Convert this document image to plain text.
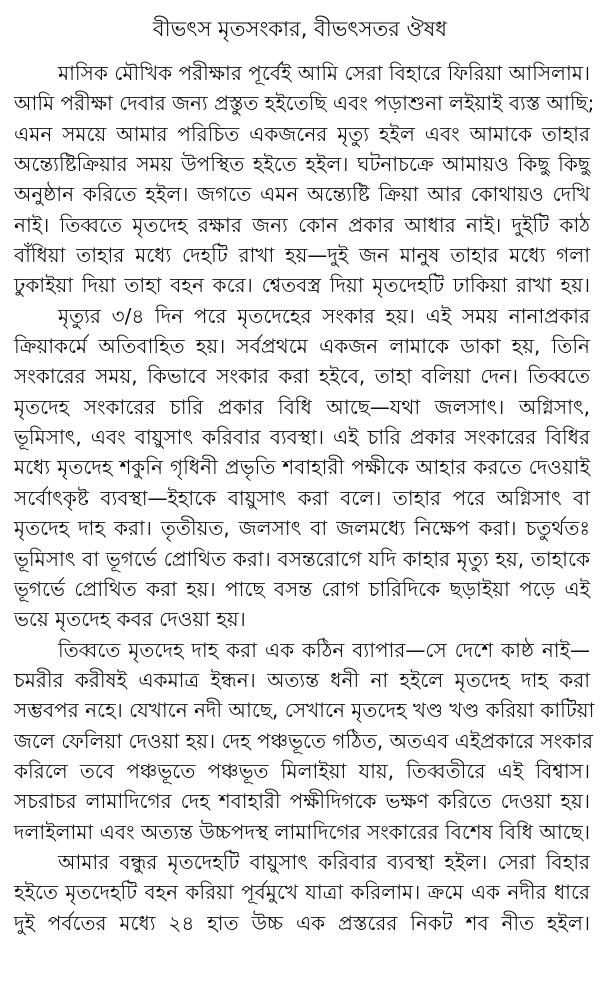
বীভৎস মৃতসংকার, বীভৎসতর ঔষধ
মাসিক মৌখিক পরীক্ষার পূর্বেই আমি সেরা বিহারে ফিরিয়া আসিলাম।
আমি পরীক্ষা দেবার জন্য প্রস্তুত হইতেছি এবং পড়াশুনা লইয়াই ব্যস্ত আছি;
এমন সময়ে আমার পরিচিত একজনের মৃত্যু হইল এবং আমাকে তাহার
অন্ত্যেষ্টিক্রিয়ার সময় উপস্থিত হইতে হইল। ঘটনাচক্রে আমায়ও কিছু কিছু
অনুষ্ঠান করিতে হইল। জগতে এমন অন্ত্যেষ্টি ক্রিয়া আর কোথায়ও দেখি
নাই। তিব্বতে মৃতদেহ রক্ষার জন্য কোন প্রকার আধার নাই। দুইটি কাঠ
বাঁধিয়া তাহার মধ্যে দেহটি রাখা হয়—দুই জন মানুষ তাহার মধ্যে গলা
ঢুকাইয়া দিয়া তাহা বহন করে। শ্বেতবস্ত্র দিয়া মৃতদেহটি ঢাকিয়া রাখা হয়।
মৃত্যুর ৩/৪ দিন পরে মৃতদেহের সংকার হয়। এই সময় নানাপ্রকার
ক্রিয়াকর্মে অতিবাহিত হয়। সর্বপ্রথমে একজন লামাকে ডাকা হয়, তিনি
সংকারের সময়, কিভাবে সংকার করা হইবে, তাহা বলিয়া দেন। তিব্বতে
মৃতদেহ সংকারের চারি প্রকার বিধি আছে—যথা জলসাৎ। অগ্নিসাৎ,
ভূমিসাৎ, এবং বায়ুসাৎ করিবার ব্যবস্থা। এই চারি প্রকার সংকারের বিধির
মধ্যে মৃতদেহ শকুনি গৃধিনী প্রভৃতি শবাহারী পক্ষীকে আহার করতে দেওয়াই
সর্বোৎকৃষ্ট ব্যবস্থা—ইহাকে বায়ুসাৎ করা বলে। তাহার পরে অগ্নিসাৎ বা
মৃতদেহ দাহ করা। তৃতীয়ত, জলসাৎ বা জলমধ্যে নিক্ষেপ করা। চতুর্থতঃ
ভূমিসাৎ বা ভূগর্ভে প্রোথিত করা। বসন্তরোগে যদি কাহার মৃত্যু হয়, তাহাকে
ভূগর্ভে প্রোথিত করা হয়। পাছে বসন্ত রোগ চারিদিকে ছড়াইয়া পড়ে এই
ভয়ে মৃতদেহ কবর দেওয়া হয়।
তিব্বতে মৃতদেহ দাহ করা এক কঠিন ব্যাপার—সে দেশে কাষ্ঠ নাই—
চমরীর করীষই একমাত্র ইন্ধন। অত্যন্ত ধনী না হইলে মৃতদেহ দাহ করা
সম্ভবপর নহে। যেখানে নদী আছে, সেখানে মৃতদেহ খণ্ড খণ্ড করিয়া কাটিয়া
জলে ফেলিয়া দেওয়া হয়। দেহ পঞ্চভূতে গঠিত, অতএব এইপ্রকারে সংকার
করিলে তবে পঞ্চভূতে পঞ্চভূত মিলাইয়া যায়, তিব্বতীরে এই বিশ্বাস।
সচরাচর লামাদিগের দেহ শবাহারী পক্ষীদিগকে ভক্ষণ করিতে দেওয়া হয়।
দলাইলামা এবং অত্যন্ত উচ্চপদস্থ লামাদিগের সংকারের বিশেষ বিধি আছে।
আমার বন্ধুর মৃতদেহটি বায়ুসাৎ করিবার ব্যবস্থা হইল। সেরা বিহার
হইতে মৃতদেহটি বহন করিয়া পূর্বমুখে যাত্রা করিলাম। ক্রমে এক নদীর ধারে
দুই পর্বতের মধ্যে ২৪ হাত উচ্চ এক প্রস্তরের নিকট শব নীত হইল।
